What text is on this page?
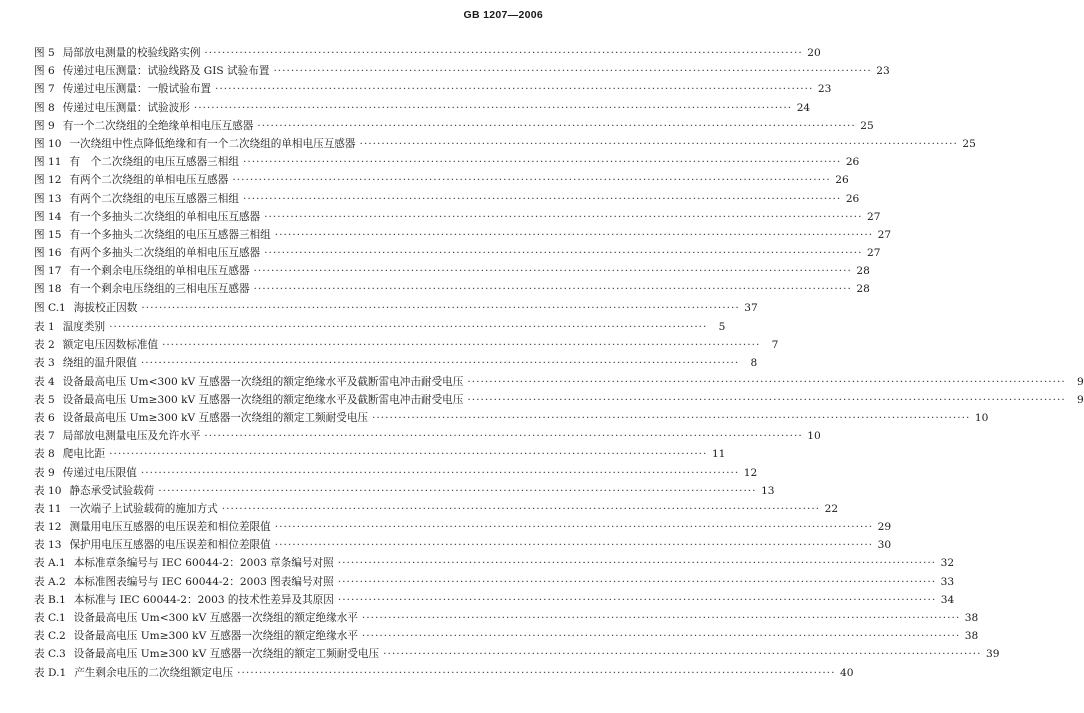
GB 1207—2006
图 5 局部放电测量的校验线路实例 ·····	20
图 6 传递过电压测量：试验线路及 GIS 试验布置 ·····	23
图 7 传递过电压测量：一般试验布置 ·····	23
图 8 传递过电压测量：试验波形 ·····	24
图 9 有一个二次绕组的全绝缘单相电压互感器 ·····	25
图 10 一次绕组中性点降低绝缘和有一个二次绕组的单相电压互感器 ·····	25
图 11 有　个二次绕组的电压互感器三相组 ·····	26
图 12 有两个二次绕组的单相电压互感器 ·····	26
图 13 有两个二次绕组的电压互感器三相组 ·····	26
图 14 有一个多抽头二次绕组的单相电压互感器 ·····	27
图 15 有一个多抽头二次绕组的电压互感器三相组 ·····	27
图 16 有两个多抽头二次绕组的单相电压互感器 ·····	27
图 17 有一个剩余电压绕组的单相电压互感器 ·····	28
图 18 有一个剩余电压绕组的三相电压互感器 ·····	28
图 C.1 海拔校正因数 ·····	37
表 1 温度类别 ·····	5
表 2 额定电压因数标准值 ·····	7
表 3 绕组的温升限值 ·····	8
表 4 设备最高电压 Um<300 kV 互感器一次绕组的额定绝缘水平及截断雷电冲击耐受电压 ·····	9
表 5 设备最高电压 Um≥300 kV 互感器一次绕组的额定绝缘水平及截断雷电冲击耐受电压 ·····	9
表 6 设备最高电压 Um≥300 kV 互感器一次绕组的额定工频耐受电压 ·····	10
表 7 局部放电测量电压及允许水平 ·····	10
表 8 爬电比距 ·····	11
表 9 传递过电压限值 ·····	12
表 10 静态承受试验载荷 ·····	13
表 11 一次端子上试验载荷的施加方式 ·····	22
表 12 测量用电压互感器的电压误差和相位差限值 ·····	29
表 13 保护用电压互感器的电压误差和相位差限值 ·····	30
表 A.1 本标准章条编号与 IEC 60044-2：2003 章条编号对照 ·····	32
表 A.2 本标准图表编号与 IEC 60044-2：2003 图表编号对照 ·····	33
表 B.1 本标准与 IEC 60044-2：2003 的技术性差异及其原因 ·····	34
表 C.1 设备最高电压 Um<300 kV 互感器一次绕组的额定绝缘水平 ·····	38
表 C.2 设备最高电压 Um≥300 kV 互感器一次绕组的额定绝缘水平 ·····	38
表 C.3 设备最高电压 Um≥300 kV 互感器一次绕组的额定工频耐受电压 ·····	39
表 D.1 产生剩余电压的二次绕组额定电压 ·····	40
